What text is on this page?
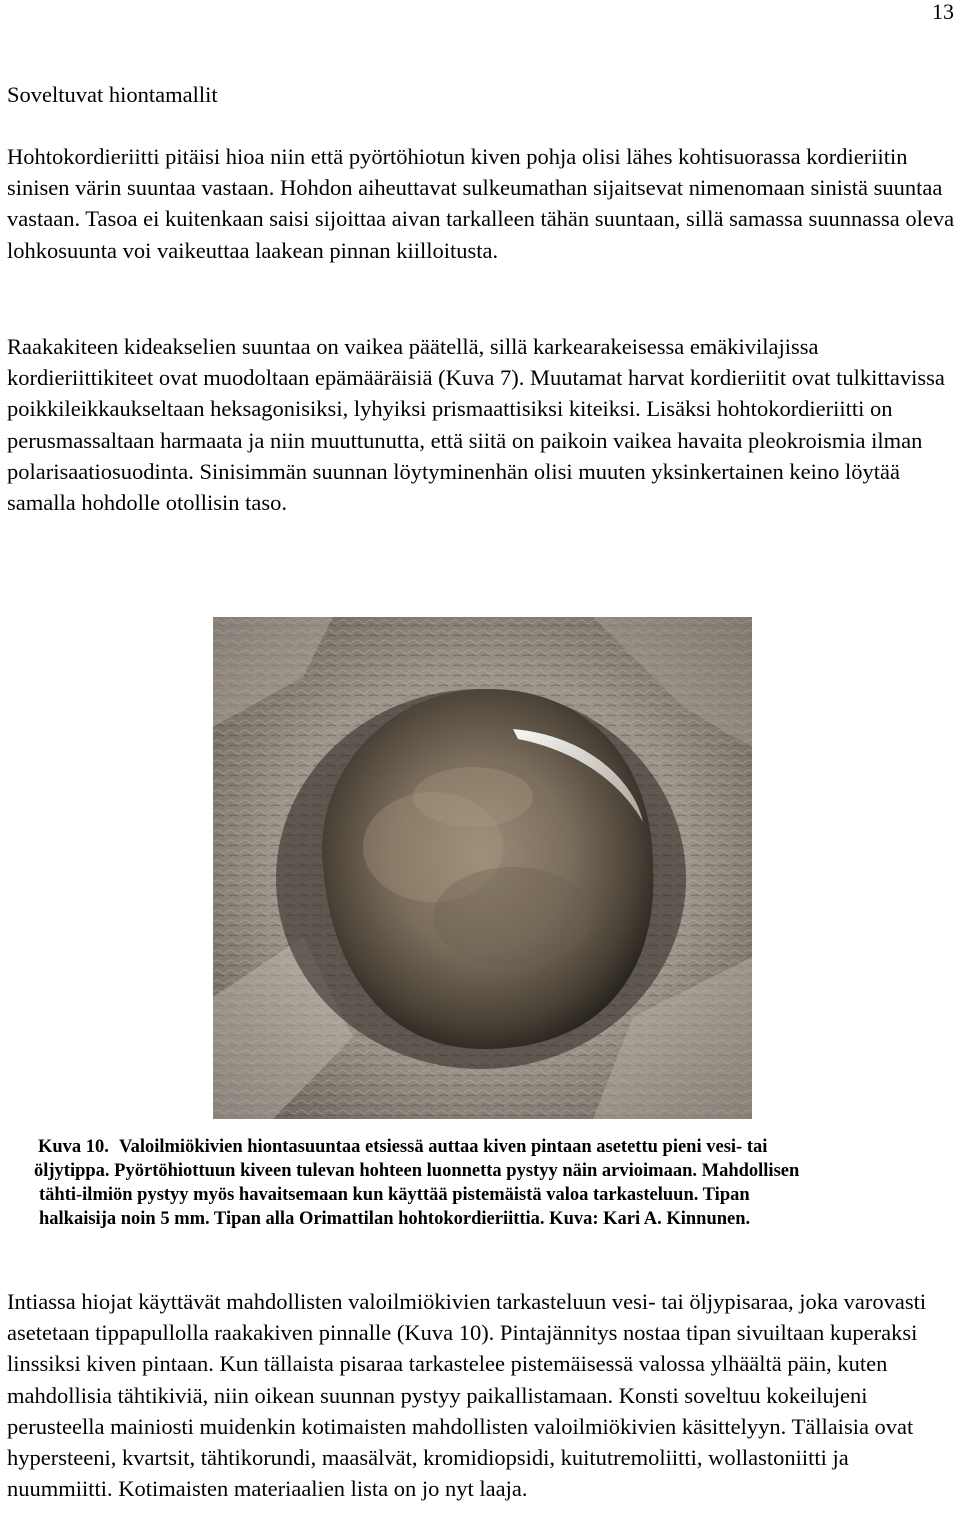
13
Soveltuvat hiontamallit

Hohtokordieriitti pitäisi hioa niin että pyörtöhiotun kiven pohja olisi lähes kohtisuorassa kordieriitin sinisen värin suuntaa vastaan. Hohdon aiheuttavat sulkeumathan sijaitsevat nimenomaan sinistä suuntaa vastaan. Tasoa ei kuitenkaan saisi sijoittaa aivan tarkalleen tähän suuntaan, sillä samassa suunnassa oleva lohkosuunta voi vaikeuttaa laakean pinnan kiilloitusta.

Raakakiteen kideakselien suuntaa on vaikea päätellä, sillä karkearakeisessa emäkivilajissa kordieriittikiteet ovat muodoltaan epämääräisiä (Kuva 7). Muutamat harvat kordieriitit ovat tulkittavissa poikkileikkaukseltaan heksagonisiksi, lyhyiksi prismaattisiksi kiteiksi. Lisäksi hohtokordieriitti on perusmassaltaan harmaata ja niin muuttunutta, että siitä on paikoin vaikea havaita pleokroismia ilman polarisaatiosuodinta. Sinisimmän suunnan löytyminenhän olisi muuten yksinkertainen keino löytää samalla hohdolle otollisin taso.

Kuva 10. Valoilmiökivien hiontasuuntaa etsiessä auttaa kiven pintaan asetettu pieni vesi- tai
öljytippa. Pyörtöhiottuun kiveen tulevan hohteen luonnetta pystyy näin arvioimaan. Mahdollisen
tähti-ilmiön pystyy myös havaitsemaan kun käyttää pistemäistä valoa tarkasteluun. Tipan
halkaisija noin 5 mm. Tipan alla Orimattilan hohtokordieriittia. Kuva: Kari A. Kinnunen.

Intiassa hiojat käyttävät mahdollisten valoilmiökivien tarkasteluun vesi- tai öljypisaraa, joka varovasti asetetaan tippapullolla raakakiven pinnalle (Kuva 10). Pintajännitys nostaa tipan sivuiltaan kuperaksi linssiksi kiven pintaan. Kun tällaista pisaraa tarkastelee pistemäisessä valossa ylhäältä päin, kuten mahdollisia tähtikiviä, niin oikean suunnan pystyy paikallistamaan. Konsti soveltuu kokeilujeni perusteella mainiosti muidenkin kotimaisten mahdollisten valoilmiökivien käsittelyyn. Tällaisia ovat hypersteeni, kvartsit, tähtikorundi, maasälvät, kromidiopsidi, kuitutremoliitti, wollastoniitti ja nuummiitti. Kotimaisten materiaalien lista on jo nyt laaja.
